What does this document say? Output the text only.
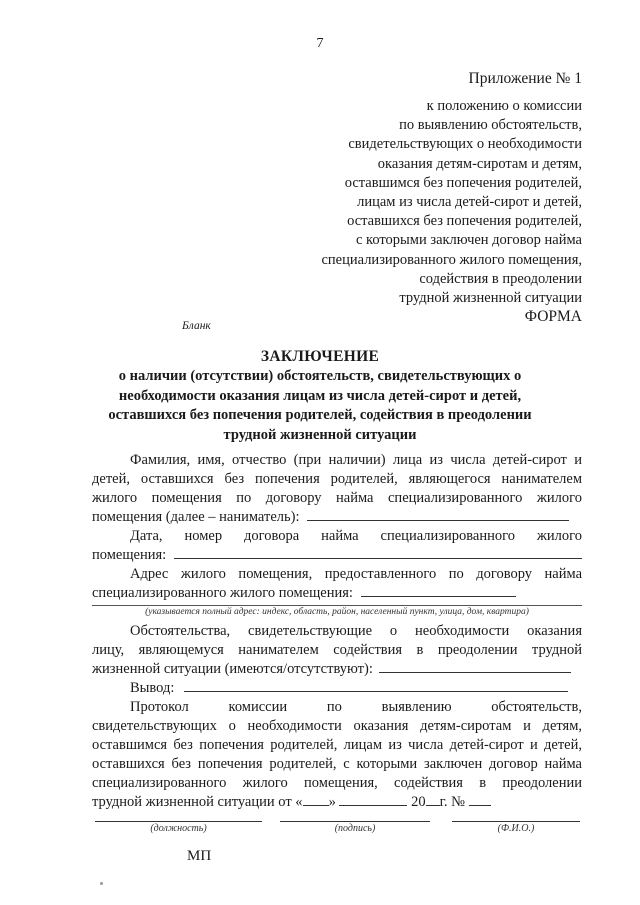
7
Приложение № 1
к положению о комиссии
по выявлению обстоятельств,
свидетельствующих о необходимости
оказания детям-сиротам и детям,
оставшимся без попечения родителей,
лицам из числа детей-сирот и детей,
оставшихся без попечения родителей,
с которыми заключен договор найма
специализированного жилого помещения,
содействия в преодолении
трудной жизненной ситуации
ФОРМА
Бланк
ЗАКЛЮЧЕНИЕ
о наличии (отсутствии) обстоятельств, свидетельствующих о
необходимости оказания лицам из числа детей-сирот и детей,
оставшихся без попечения родителей, содействия в преодолении
трудной жизненной ситуации
Фамилия, имя, отчество (при наличии) лица из числа детей-сирот и
детей, оставшихся без попечения родителей, являющегося нанимателем
жилого помещения по договору найма специализированного жилого
помещения (далее – наниматель):
Дата, номер договора найма специализированного жилого
помещения:
Адрес жилого помещения, предоставленного по договору найма
специализированного жилого помещения:
(указывается полный адрес: индекс, область, район, населенный пункт, улица, дом, квартира)
Обстоятельства, свидетельствующие о необходимости оказания
лицу, являющемуся нанимателем содействия в преодолении трудной
жизненной ситуации (имеются/отсутствуют):
Вывод:
Протокол комиссии по выявлению обстоятельств,
свидетельствующих о необходимости оказания детям-сиротам и детям,
оставшимся без попечения родителей, лицам из числа детей-сирот и детей,
оставшихся без попечения родителей, с которыми заключен договор найма
специализированного жилого помещения, содействия в преодолении
трудной жизненной ситуации от « »	20 г. №
(должность)	(подпись)	(Ф.И.О.)
МП
